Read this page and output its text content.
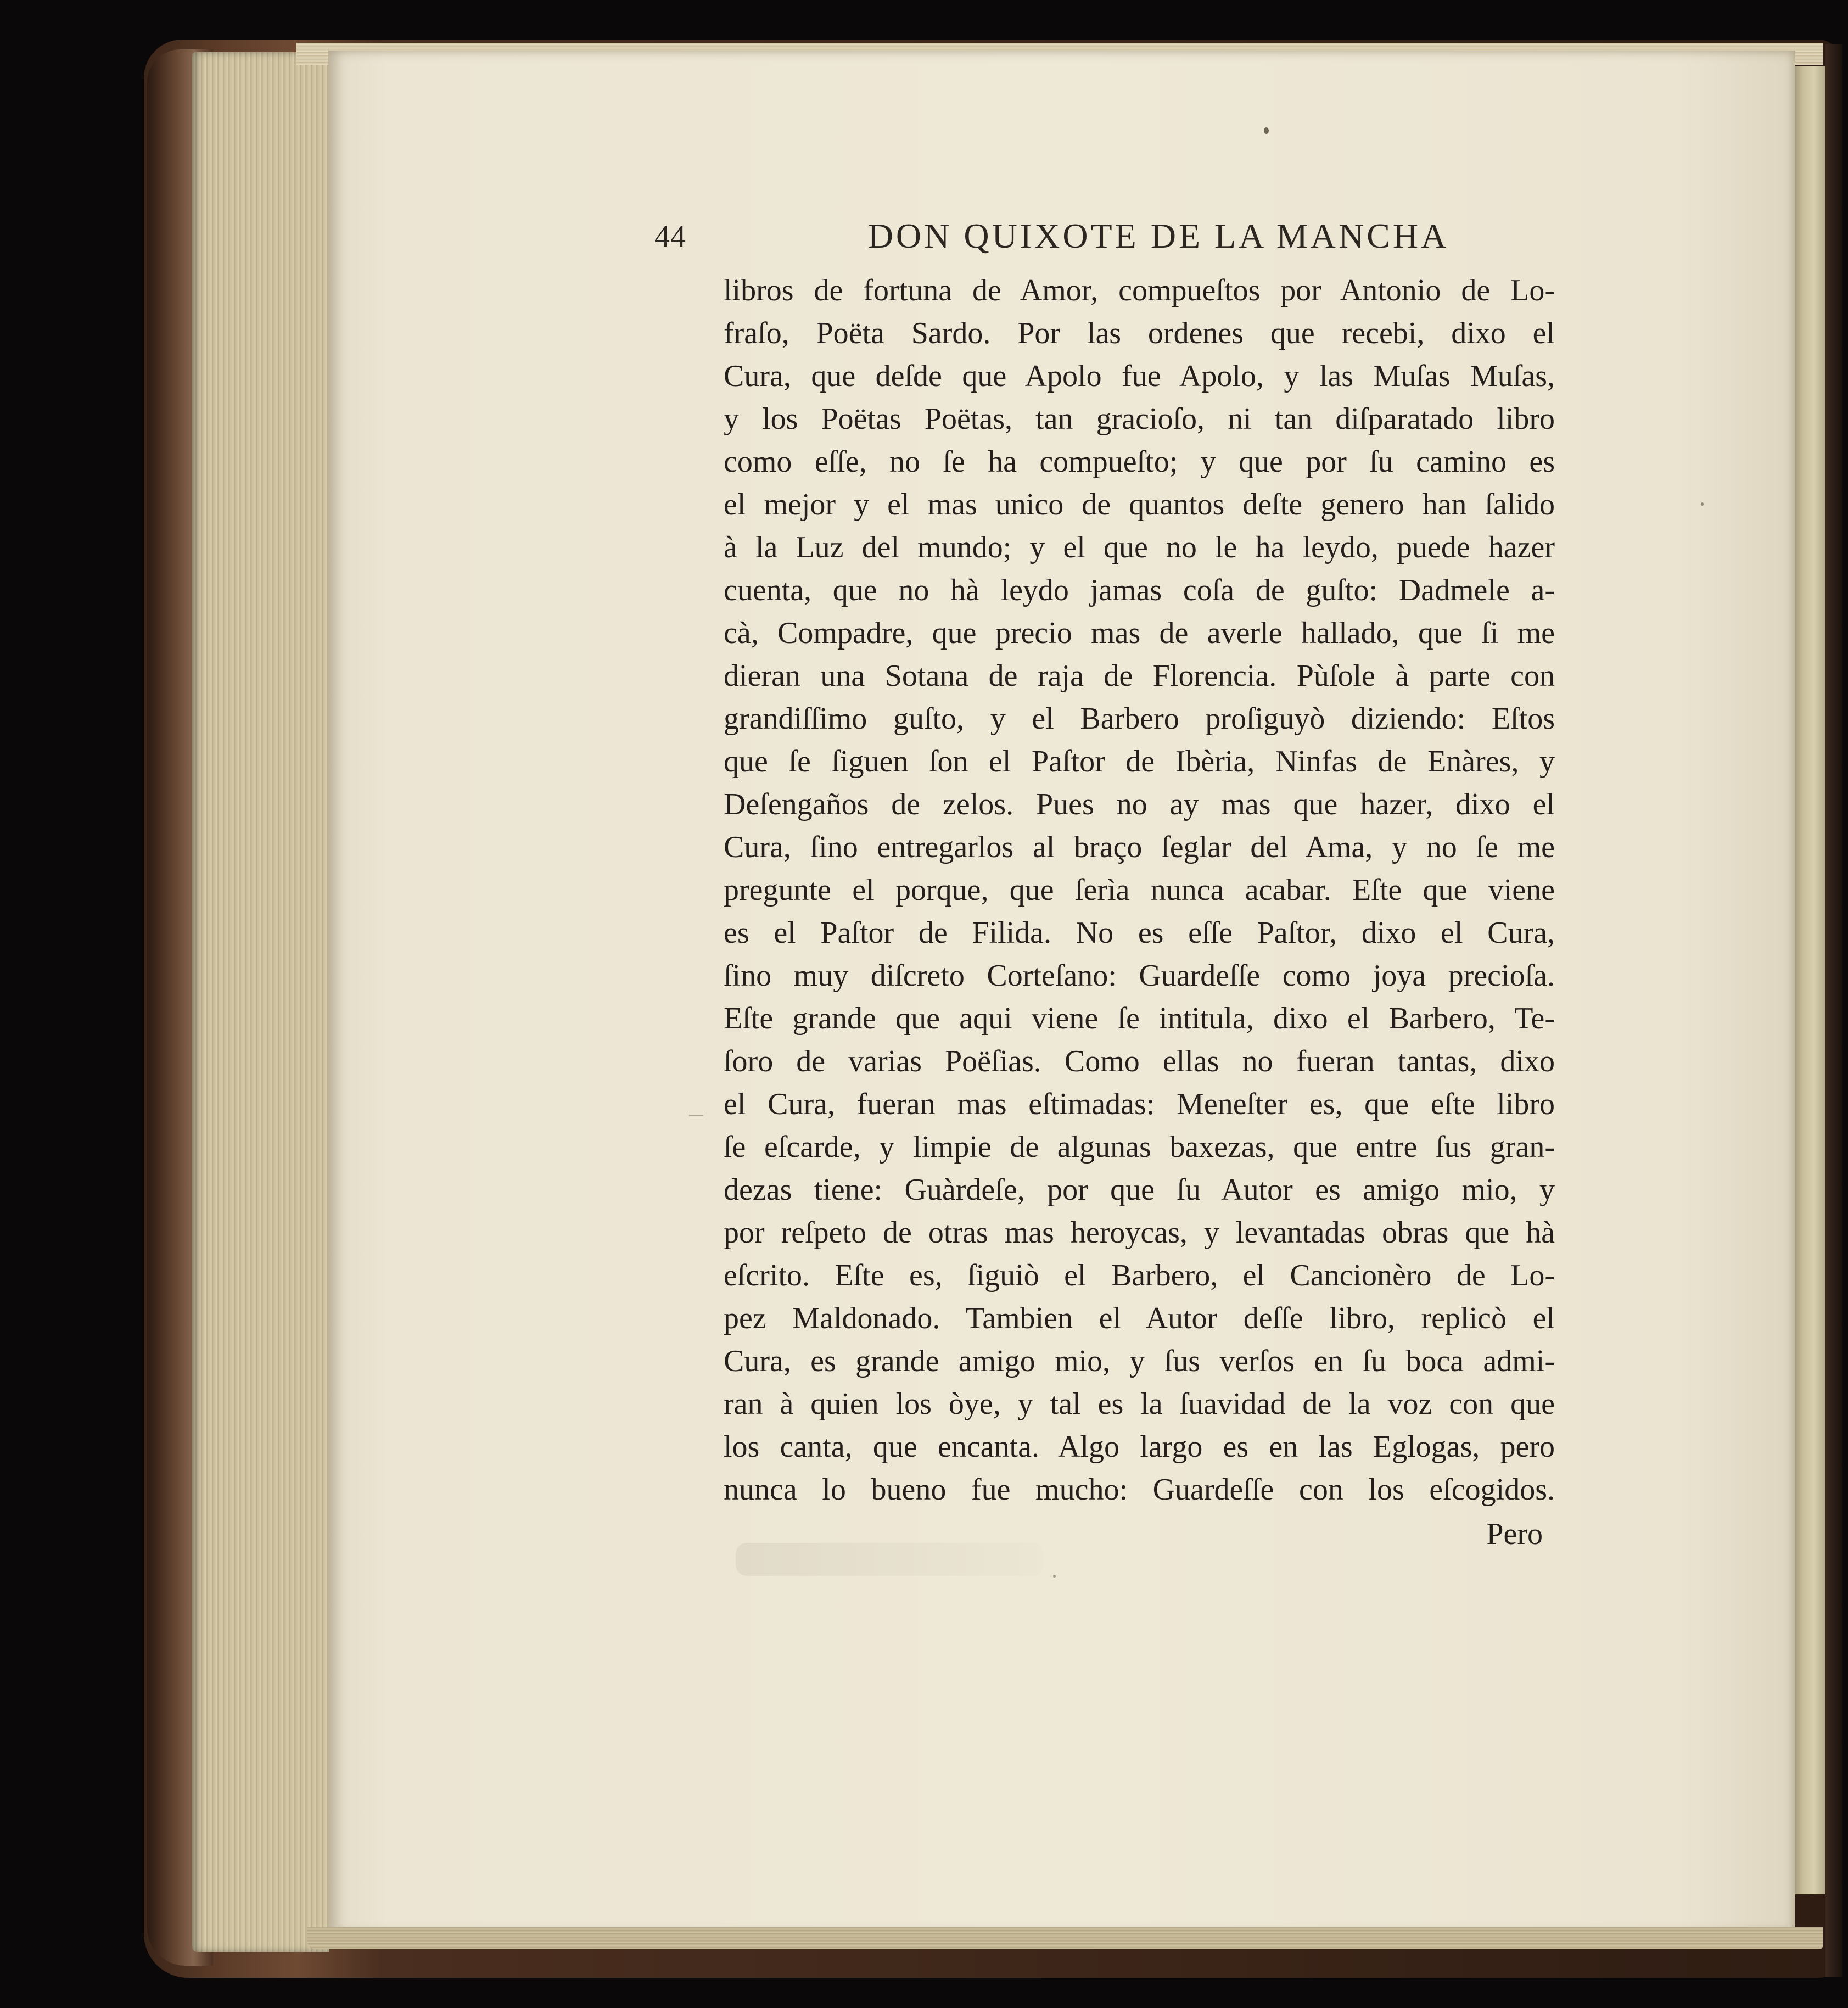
44	DON QUIXOTE DE LA MANCHA
libros de fortuna de Amor, compueſtos por Antonio de Lo-
fraſo, Poëta Sardo. Por las ordenes que recebi, dixo el
Cura, que deſde que Apolo fue Apolo, y las Muſas Muſas,
y los Poëtas Poëtas, tan gracioſo, ni tan diſparatado libro
como eſſe, no ſe ha compueſto; y que por ſu camino es
el mejor y el mas unico de quantos deſte genero han ſalido
à la Luz del mundo; y el que no le ha leydo, puede hazer
cuenta, que no hà leydo jamas coſa de guſto: Dadmele a-
cà, Compadre, que precio mas de averle hallado, que ſi me
dieran una Sotana de raja de Florencia. Pùſole à parte con
grandiſſimo guſto, y el Barbero proſiguyò diziendo: Eſtos
que ſe ſiguen ſon el Paſtor de Ibèria, Ninfas de Enàres, y
Deſengaños de zelos. Pues no ay mas que hazer, dixo el
Cura, ſino entregarlos al braço ſeglar del Ama, y no ſe me
pregunte el porque, que ſerìa nunca acabar. Eſte que viene
es el Paſtor de Filida. No es eſſe Paſtor, dixo el Cura,
ſino muy diſcreto Corteſano: Guardeſſe como joya precioſa.
Eſte grande que aqui viene ſe intitula, dixo el Barbero, Te-
ſoro de varias Poëſias. Como ellas no fueran tantas, dixo
el Cura, fueran mas eſtimadas: Meneſter es, que eſte libro
ſe eſcarde, y limpie de algunas baxezas, que entre ſus gran-
dezas tiene: Guàrdeſe, por que ſu Autor es amigo mio, y
por reſpeto de otras mas heroycas, y levantadas obras que hà
eſcrito. Eſte es, ſiguiò el Barbero, el Cancionèro de Lo-
pez Maldonado. Tambien el Autor deſſe libro, replicò el
Cura, es grande amigo mio, y ſus verſos en ſu boca admi-
ran à quien los òye, y tal es la ſuavidad de la voz con que
los canta, que encanta. Algo largo es en las Eglogas, pero
nunca lo bueno fue mucho: Guardeſſe con los eſcogidos.
Pero
